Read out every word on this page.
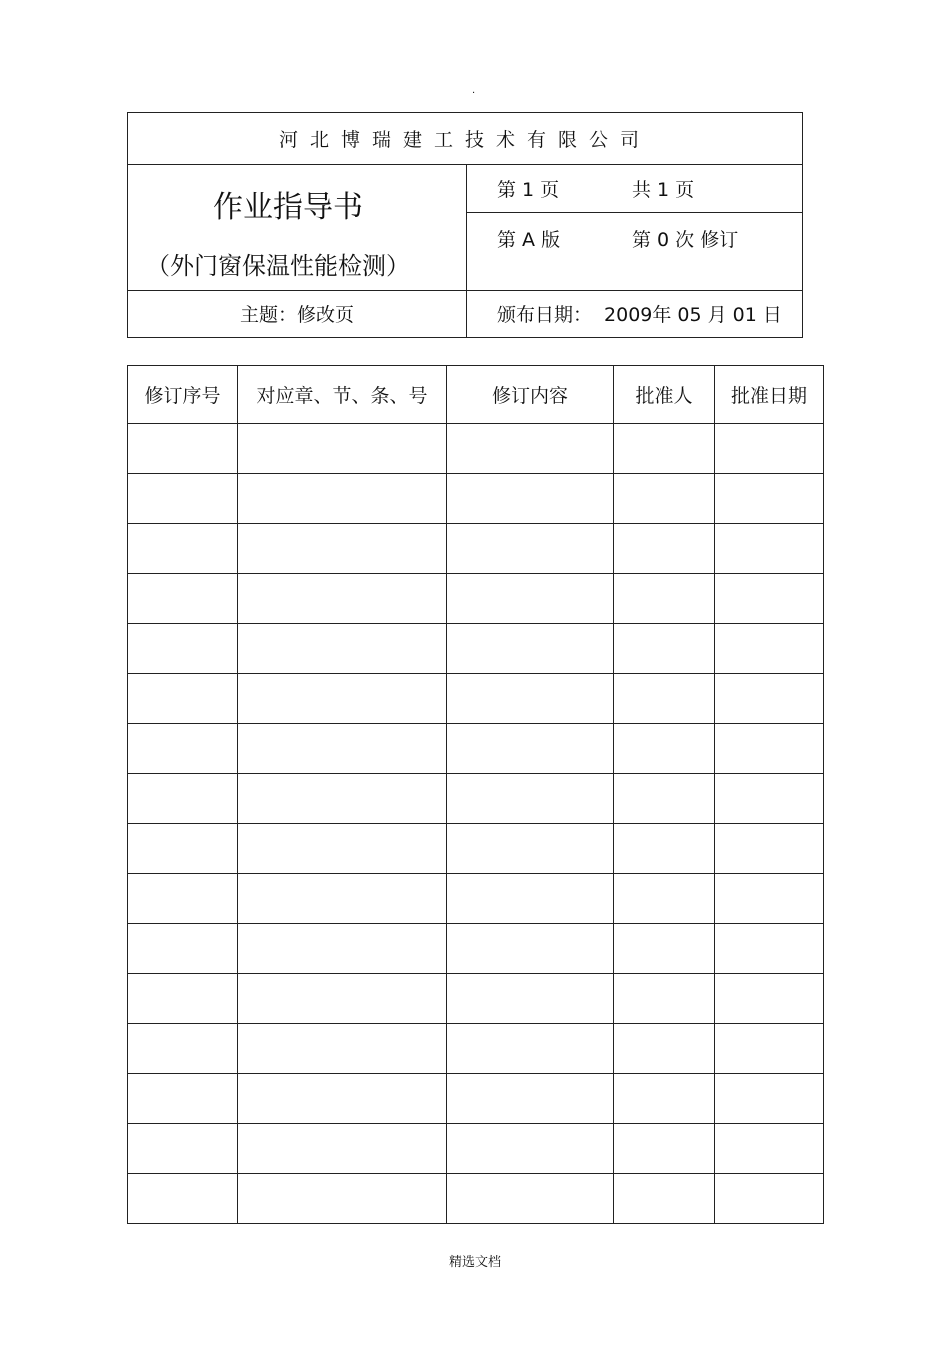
.
河北博瑞建工技术有限公司
作业指导书
（外门窗保温性能检测）
第 1 页	共 1 页
第 A 版	第 0 次 修订
主题：修改页	颁布日期： 2009年 05 月 01 日
修订序号	对应章、节、条、号	修订内容	批准人	批准日期

精选文档
